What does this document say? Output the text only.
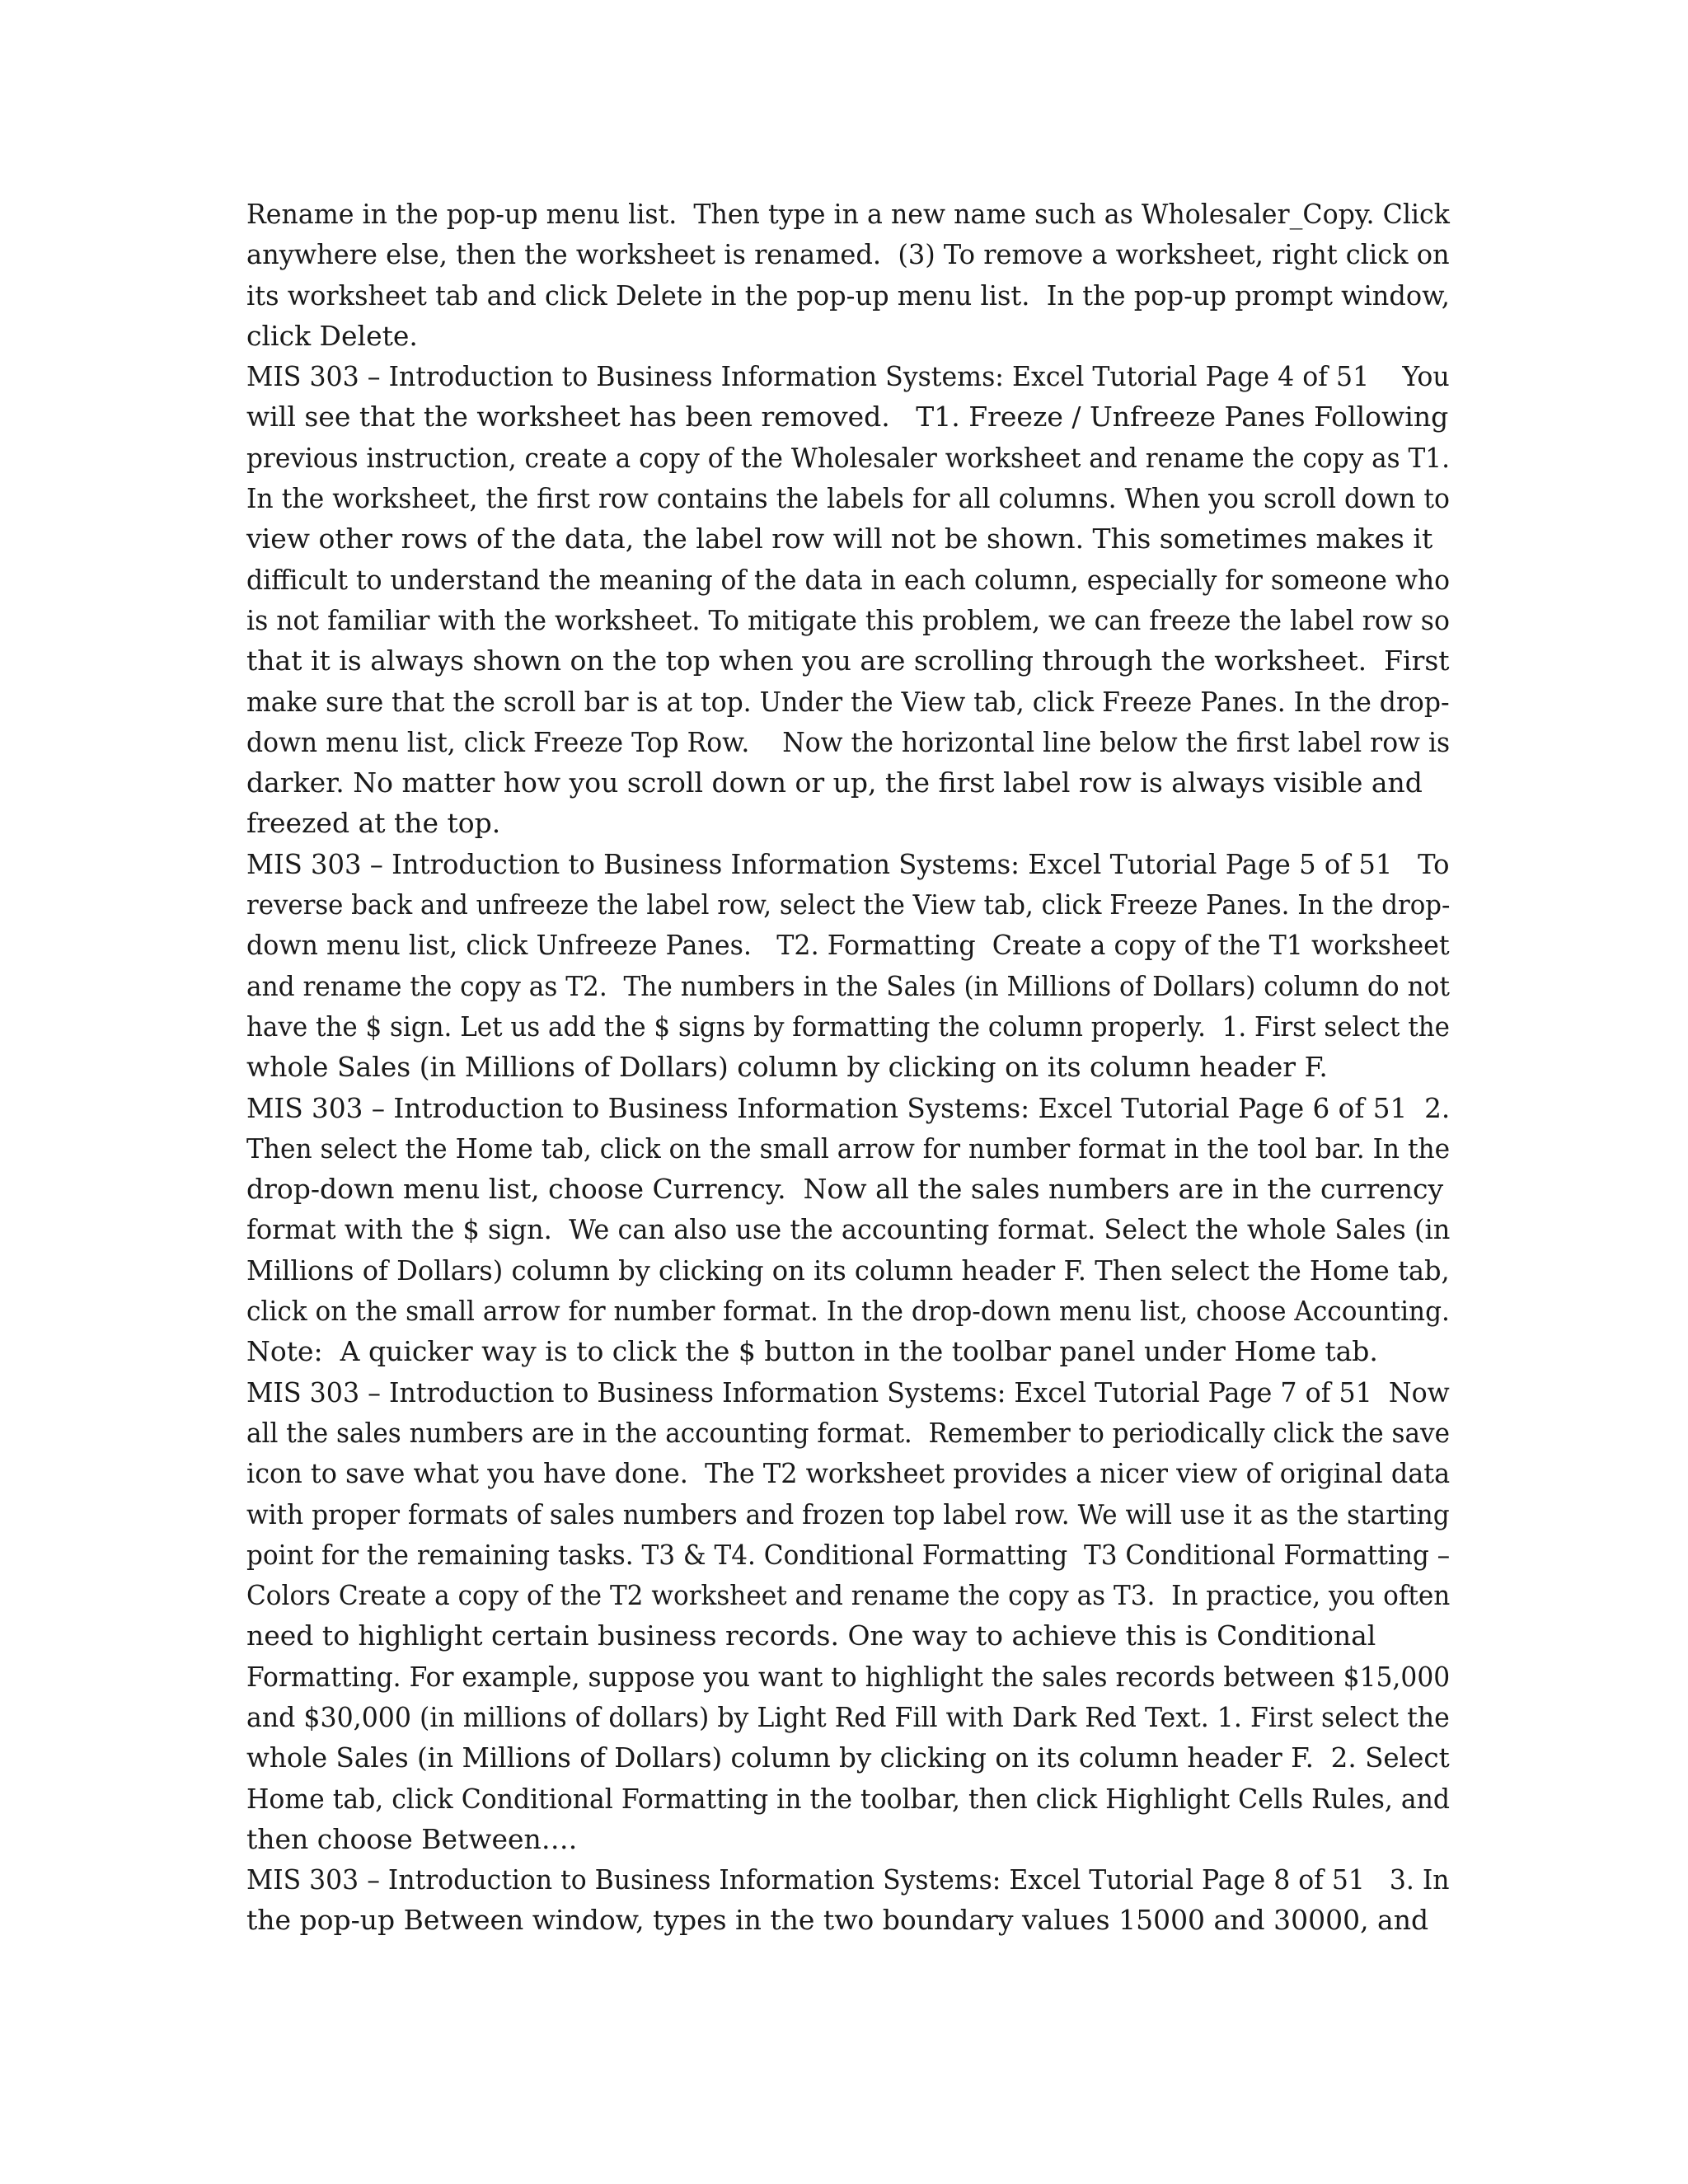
Rename in the pop-up menu list.  Then type in a new name such as Wholesaler_Copy. Click
anywhere else, then the worksheet is renamed.  (3) To remove a worksheet, right click on
its worksheet tab and click Delete in the pop-up menu list.  In the pop-up prompt window,
click Delete.
MIS 303 – Introduction to Business Information Systems: Excel Tutorial Page 4 of 51    You
will see that the worksheet has been removed.   T1. Freeze / Unfreeze Panes Following
previous instruction, create a copy of the Wholesaler worksheet and rename the copy as T1.
In the worksheet, the first row contains the labels for all columns. When you scroll down to
view other rows of the data, the label row will not be shown. This sometimes makes it
difficult to understand the meaning of the data in each column, especially for someone who
is not familiar with the worksheet. To mitigate this problem, we can freeze the label row so
that it is always shown on the top when you are scrolling through the worksheet.  First
make sure that the scroll bar is at top. Under the View tab, click Freeze Panes. In the drop-
down menu list, click Freeze Top Row.    Now the horizontal line below the first label row is
darker. No matter how you scroll down or up, the first label row is always visible and
freezed at the top.
MIS 303 – Introduction to Business Information Systems: Excel Tutorial Page 5 of 51   To
reverse back and unfreeze the label row, select the View tab, click Freeze Panes. In the drop-
down menu list, click Unfreeze Panes.   T2. Formatting  Create a copy of the T1 worksheet
and rename the copy as T2.  The numbers in the Sales (in Millions of Dollars) column do not
have the $ sign. Let us add the $ signs by formatting the column properly.  1. First select the
whole Sales (in Millions of Dollars) column by clicking on its column header F.
MIS 303 – Introduction to Business Information Systems: Excel Tutorial Page 6 of 51  2.
Then select the Home tab, click on the small arrow for number format in the tool bar. In the
drop-down menu list, choose Currency.  Now all the sales numbers are in the currency
format with the $ sign.  We can also use the accounting format. Select the whole Sales (in
Millions of Dollars) column by clicking on its column header F. Then select the Home tab,
click on the small arrow for number format. In the drop-down menu list, choose Accounting.
Note:  A quicker way is to click the $ button in the toolbar panel under Home tab.
MIS 303 – Introduction to Business Information Systems: Excel Tutorial Page 7 of 51  Now
all the sales numbers are in the accounting format.  Remember to periodically click the save
icon to save what you have done.  The T2 worksheet provides a nicer view of original data
with proper formats of sales numbers and frozen top label row. We will use it as the starting
point for the remaining tasks. T3 & T4. Conditional Formatting  T3 Conditional Formatting –
Colors Create a copy of the T2 worksheet and rename the copy as T3.  In practice, you often
need to highlight certain business records. One way to achieve this is Conditional
Formatting. For example, suppose you want to highlight the sales records between $15,000
and $30,000 (in millions of dollars) by Light Red Fill with Dark Red Text. 1. First select the
whole Sales (in Millions of Dollars) column by clicking on its column header F.  2. Select
Home tab, click Conditional Formatting in the toolbar, then click Highlight Cells Rules, and
then choose Between….
MIS 303 – Introduction to Business Information Systems: Excel Tutorial Page 8 of 51   3. In
the pop-up Between window, types in the two boundary values 15000 and 30000, and
